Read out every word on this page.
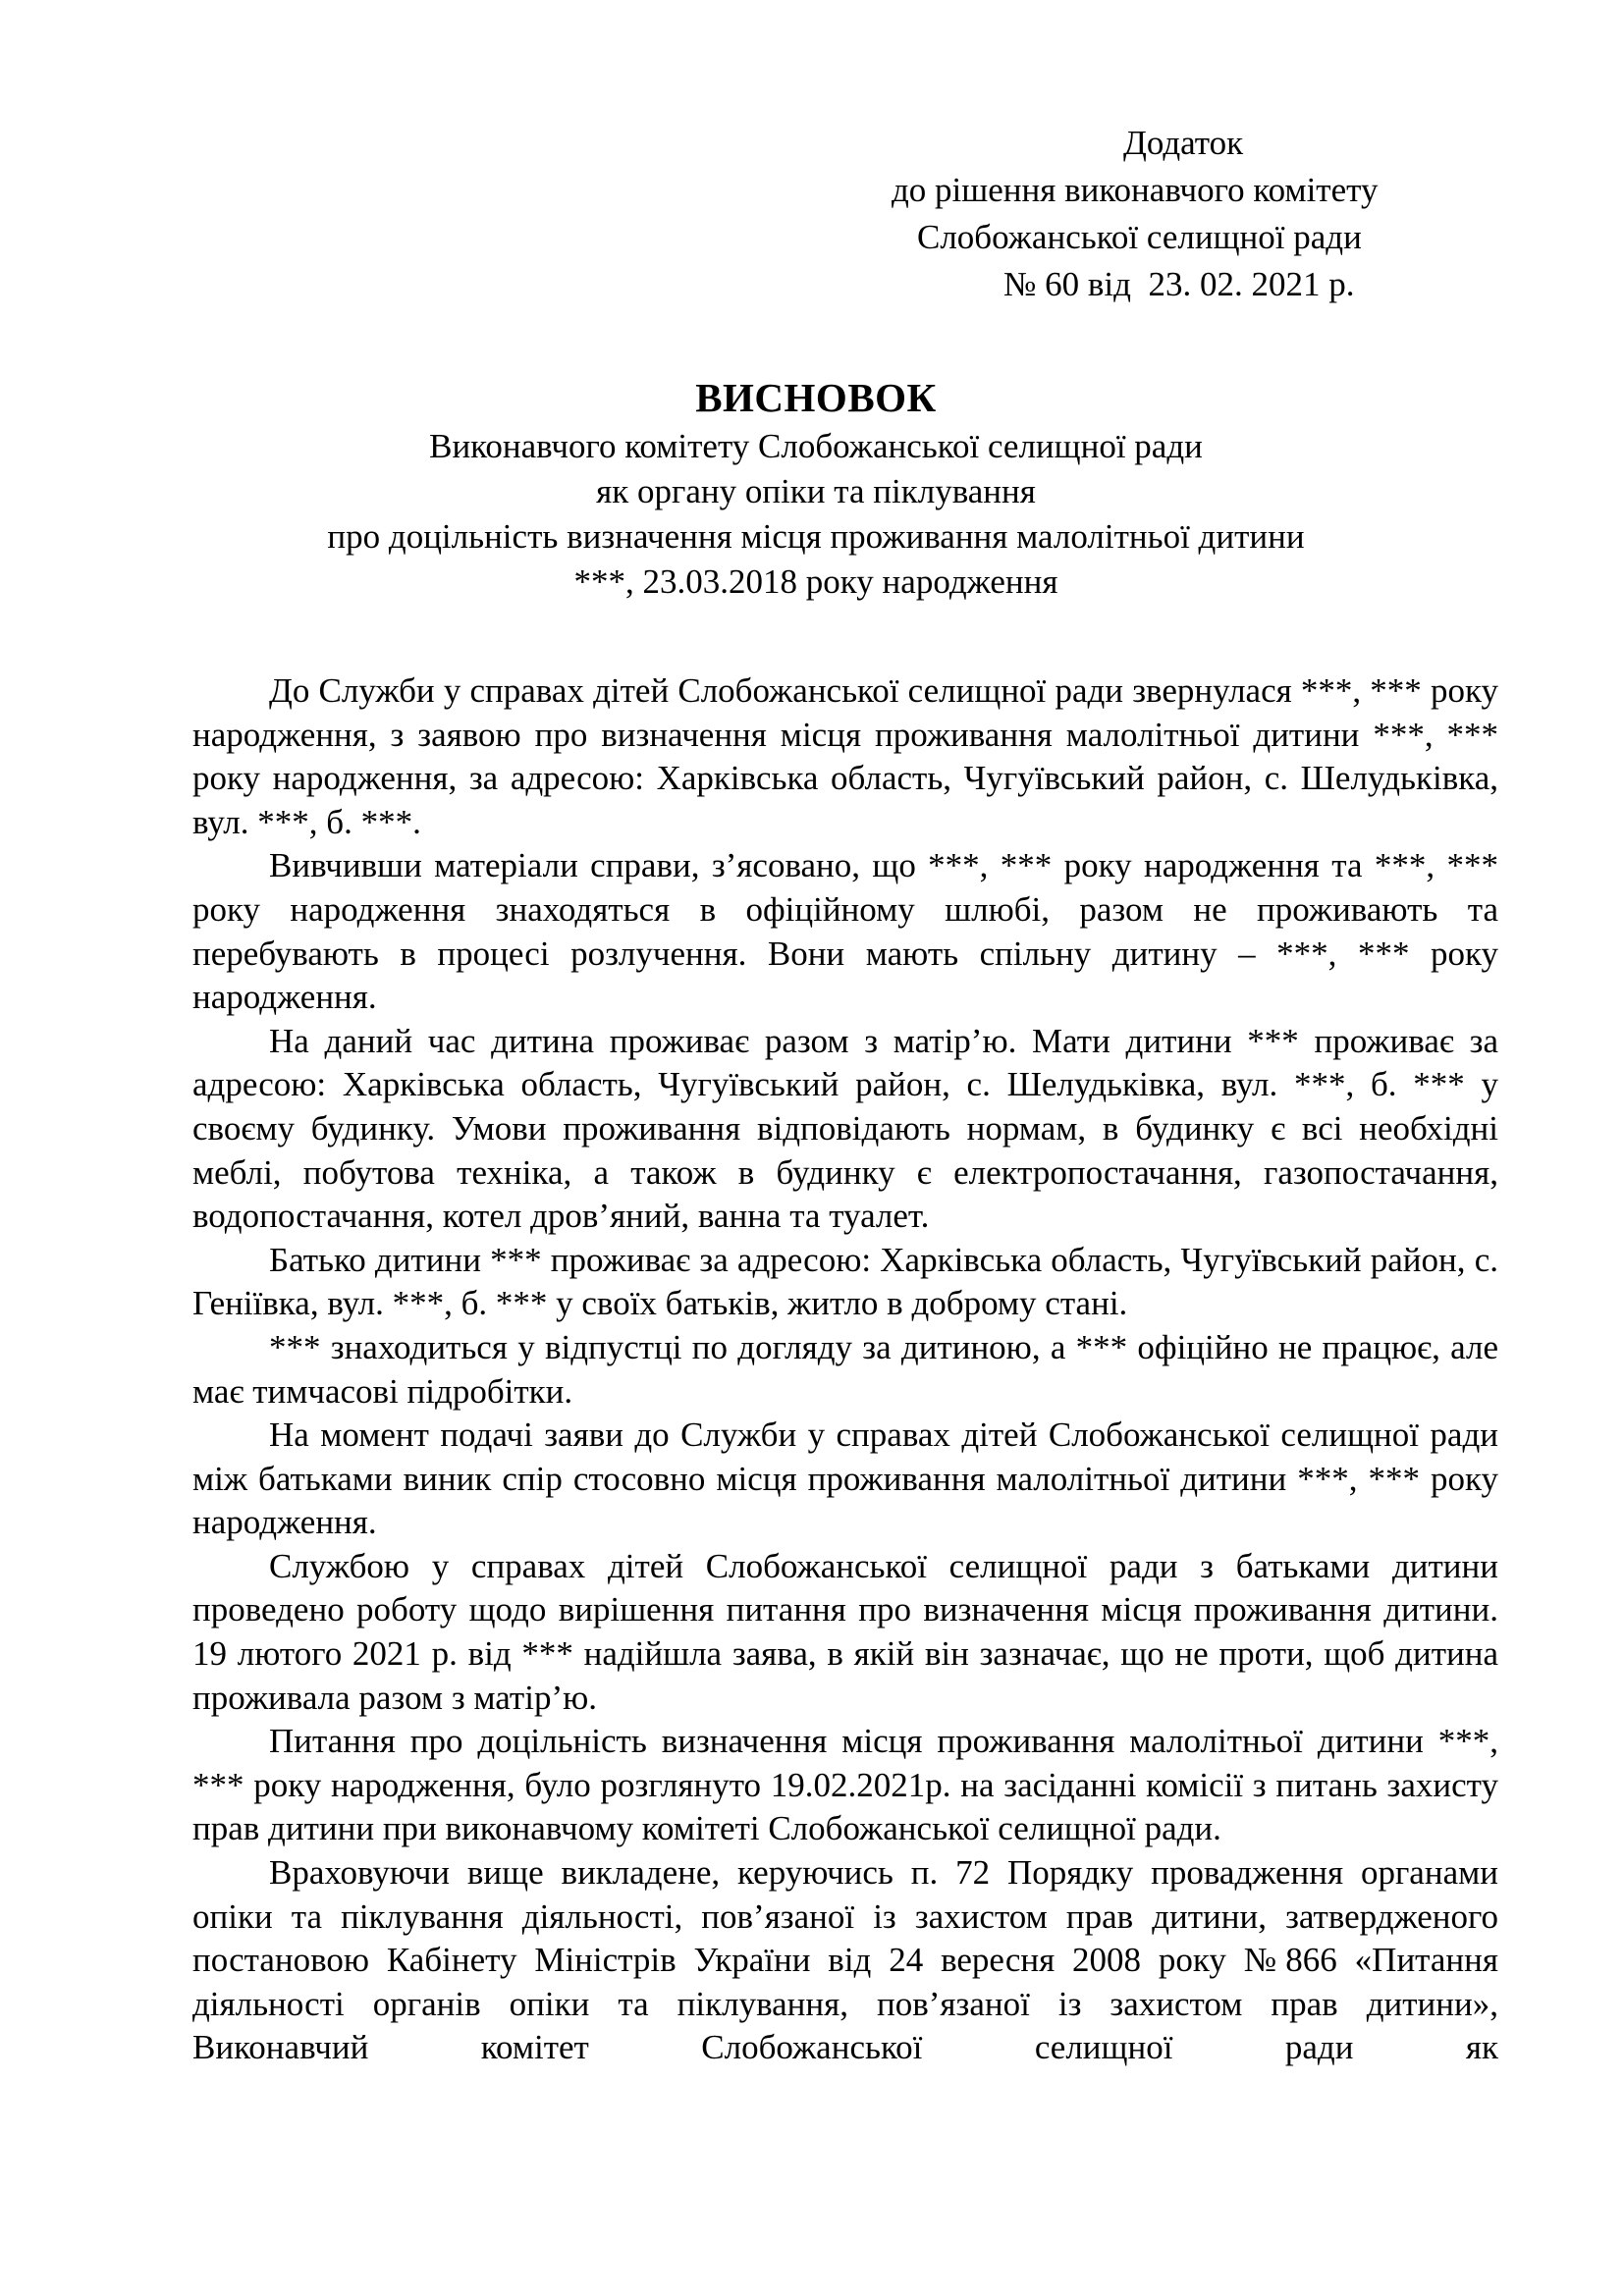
Додаток
до рішення виконавчого комітету
Слобожанської селищної ради
№ 60 від  23. 02. 2021 р.
ВИСНОВОК
Виконавчого комітету Слобожанської селищної ради
як органу опіки та піклування
про доцільність визначення місця проживання малолітньої дитини
***, 23.03.2018 року народження

До Служби у справах дітей Слобожанської селищної ради звернулася ***, *** року народження, з заявою про визначення місця проживання малолітньої дитини ***, *** року народження, за адресою: Харківська область, Чугуївський район, с. Шелудьківка, вул. ***, б. ***.

Вивчивши матеріали справи, з’ясовано, що ***, *** року народження та ***, *** року народження знаходяться в офіційному шлюбі, разом не проживають та перебувають в процесі розлучення. Вони мають спільну дитину – ***, *** року народження.

На даний час дитина проживає разом з матір’ю. Мати дитини *** проживає за адресою: Харківська область, Чугуївський район, с. Шелудьківка, вул. ***, б. *** у своєму будинку. Умови проживання відповідають нормам, в будинку є всі необхідні меблі, побутова техніка, а також в будинку є електропостачання, газопостачання, водопостачання, котел дров’яний, ванна та туалет.

Батько дитини *** проживає за адресою: Харківська область, Чугуївський район, с. Геніївка, вул. ***, б. *** у своїх батьків, житло в доброму стані.

*** знаходиться у відпустці по догляду за дитиною, а *** офіційно не працює, але має тимчасові підробітки.

На момент подачі заяви до Служби у справах дітей Слобожанської селищної ради між батьками виник спір стосовно місця проживання малолітньої дитини ***, *** року народження.

Службою у справах дітей Слобожанської селищної ради з батьками дитини проведено роботу щодо вирішення питання про визначення місця проживання дитини. 19 лютого 2021 р. від *** надійшла заява, в якій він зазначає, що не проти, щоб дитина проживала разом з матір’ю.

Питання про доцільність визначення місця проживання малолітньої дитини ***, *** року народження, було розглянуто 19.02.2021р. на засіданні комісії з питань захисту прав дитини при виконавчому комітеті Слобожанської селищної ради.

Враховуючи вище викладене, керуючись п. 72 Порядку провадження органами опіки та піклування діяльності, пов’язаної із захистом прав дитини, затвердженого постановою Кабінету Міністрів України від 24 вересня 2008 року №866 «Питання діяльності органів опіки та піклування, пов’язаної із захистом прав дитини», Виконавчий комітет Слобожанської селищної ради як
